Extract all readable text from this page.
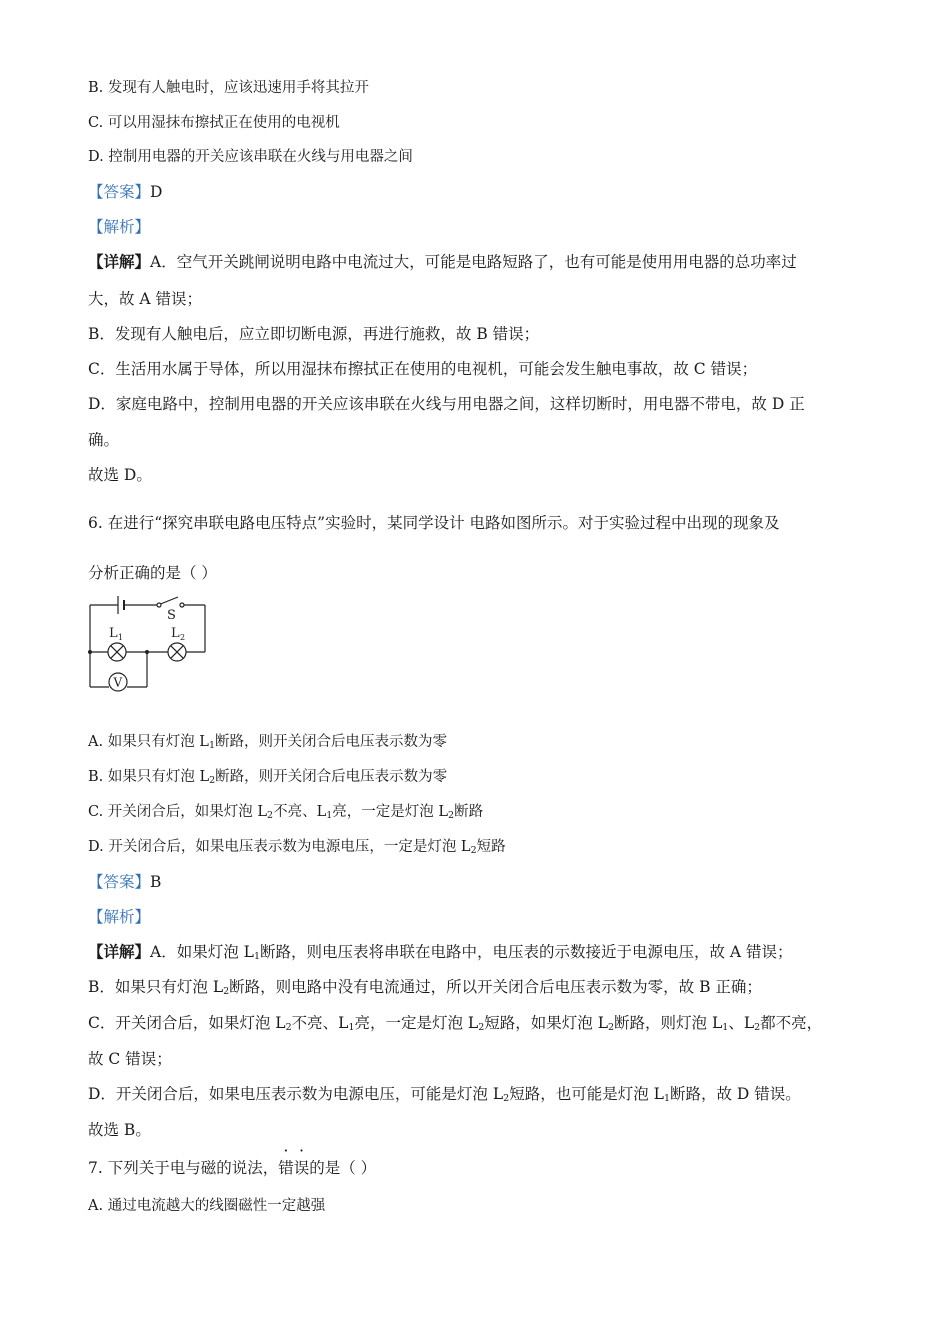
B. 发现有人触电时，应该迅速用手将其拉开
C. 可以用湿抹布擦拭正在使用的电视机
D. 控制用电器的开关应该串联在火线与用电器之间
【答案】D
【解析】
【详解】A．空气开关跳闸说明电路中电流过大，可能是电路短路了，也有可能是使用用电器的总功率过
大，故 A 错误；
B．发现有人触电后，应立即切断电源，再进行施救，故 B 错误；
C．生活用水属于导体，所以用湿抹布擦拭正在使用的电视机，可能会发生触电事故，故 C 错误；
D．家庭电路中，控制用电器的开关应该串联在火线与用电器之间，这样切断时，用电器不带电，故 D 正
确。
故选 D。
6. 在进行“探究串联电路电压特点”实验时，某同学设计 电路如图所示。对于实验过程中出现的现象及
分析正确的是（ ）
S
L 1	L 2
V
A. 如果只有灯泡 $L_1$断路，则开关闭合后电压表示数为零
B. 如果只有灯泡 $L_2$断路，则开关闭合后电压表示数为零
C. 开关闭合后，如果灯泡 $L_2$不亮、$L_1$亮，一定是灯泡 $L_2$断路
D. 开关闭合后，如果电压表示数为电源电压，一定是灯泡 $L_2$短路
【答案】B
【解析】
【详解】A．如果灯泡 $L_1$断路，则电压表将串联在电路中，电压表的示数接近于电源电压，故 A 错误；
B．如果只有灯泡 $L_2$断路，则电路中没有电流通过，所以开关闭合后电压表示数为零，故 B 正确；
C．开关闭合后，如果灯泡 $L_2$不亮、$L_1$亮，一定是灯泡 $L_2$短路，如果灯泡 $L_2$断路，则灯泡 $L_1$、$L_2$都不亮，
故 C 错误；
D．开关闭合后，如果电压表示数为电源电压，可能是灯泡 $L_2$短路，也可能是灯泡 $L_1$断路，故 D 错误。
故选 B。
7. 下列关于电与磁的说法，错误的是（ ）
A. 通过电流越大的线圈磁性一定越强
